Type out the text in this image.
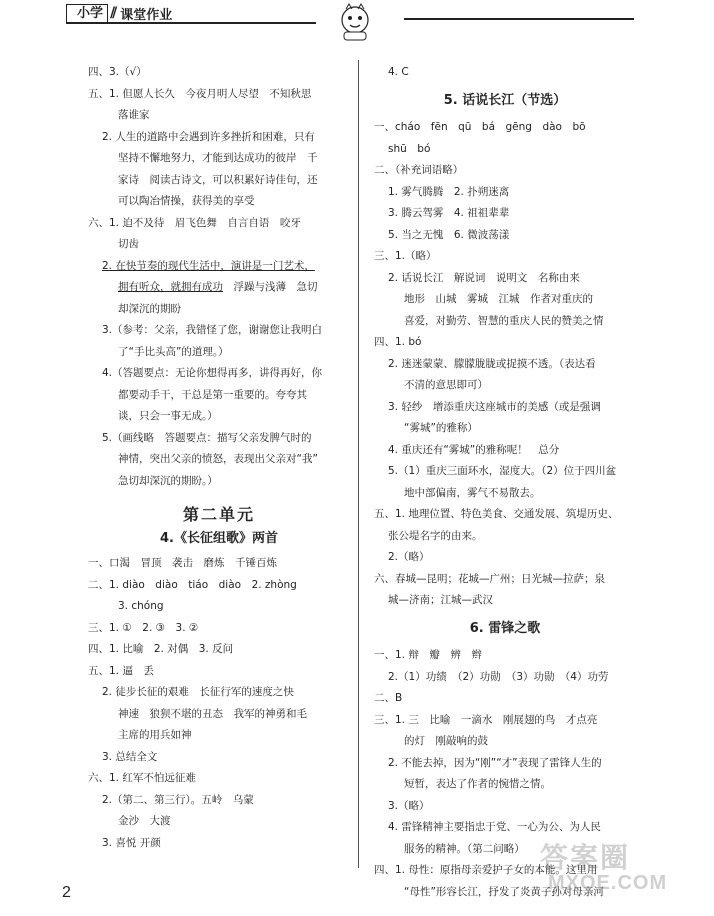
小学 // 课堂作业
四、3.（√）
五、1. 但愿人长久　今夜月明人尽望　不知秋思
落谁家
2. 人生的道路中会遇到许多挫折和困难，只有
坚持不懈地努力，才能到达成功的彼岸　千
家诗　阅读古诗文，可以积累好诗佳句，还
可以陶冶情操，获得美的享受
六、1. 迫不及待　眉飞色舞　自言自语　咬牙
切齿
2. 在快节奏的现代生活中，演讲是一门艺术，
拥有听众，就拥有成功 　浮躁与浅薄　急切
却深沉的期盼
3.（参考：父亲，我错怪了您，谢谢您让我明白
了“手比头高”的道理。）
4.（答题要点：无论你想得再多，讲得再好，你
都要动手干，干总是第一重要的。夸夸其
谈，只会一事无成。）
5.（画线略　答题要点：描写父亲发脾气时的
神情，突出父亲的愤怒，表现出父亲对“我”
急切却深沉的期盼。）
第二单元
4.《长征组歌》两首
一、口渴　冒顶　袭击　磨炼　千锤百炼
二、1. diào　diào　tiáo　diào　2. zhòng
3. chóng
三、1. ①　2. ③　3. ②
四、1. 比喻　2. 对偶　3. 反问
五、1. 逼　丢
2. 徒步长征的艰难　长征行军的速度之快
神速　狼狈不堪的丑态　我军的神勇和毛
主席的用兵如神
3. 总结全文
六、1. 红军不怕远征难
2.（第二、第三行）。五岭　乌蒙
金沙　大渡
3. 喜悦 开颜
4. C
5. 话说长江（节选）
一、cháo　fēn　qū　bá　gēng　dào　bō
shū　bó
二、（补充词语略）
1. 雾气腾腾　2. 扑朔迷离
3. 腾云驾雾　4. 祖祖辈辈
5. 当之无愧　6. 微波荡漾
三、1.（略）
2. 话说长江　解说词　说明文　名称由来
地形　山城　雾城　江城　作者对重庆的
喜爱，对勤劳、智慧的重庆人民的赞美之情
四、1. bó
2. 迷迷蒙蒙、朦朦胧胧或捉摸不透。（表达看
不清的意思即可）
3. 轻纱　增添重庆这座城市的美感（或是强调
“雾城”的雅称）
4. 重庆还有“雾城”的雅称呢！　总分
5.（1）重庆三面环水，湿度大。（2）位于四川盆
地中部偏南，雾气不易散去。
五、1. 地理位置、特色美食、交通发展、筑堤历史、
张公堤名字的由来。
2.（略）
六、春城—昆明；花城—广州；日光城—拉萨；泉
城—济南；江城—武汉
6. 雷锋之歌
一、1. 辩　瓣　辨　辫
2.（1）功绩　（2）功勋　（3）功勋　（4）功劳
二、B
三、1. 三　比喻　一滴水　刚展翅的鸟　才点亮
的灯　刚敲响的鼓
2. 不能去掉，因为“刚”“才”表现了雷锋人生的
短暂，表达了作者的惋惜之情。
3.（略）
4. 雷锋精神主要指忠于党、一心为公、为人民
服务的精神。（第二问略）
四、1. 母性：原指母亲爱护子女的本能。这里用
“母性”形容长江，抒发了炎黄子孙对母亲河
2
答案圈
MXQE.COM
